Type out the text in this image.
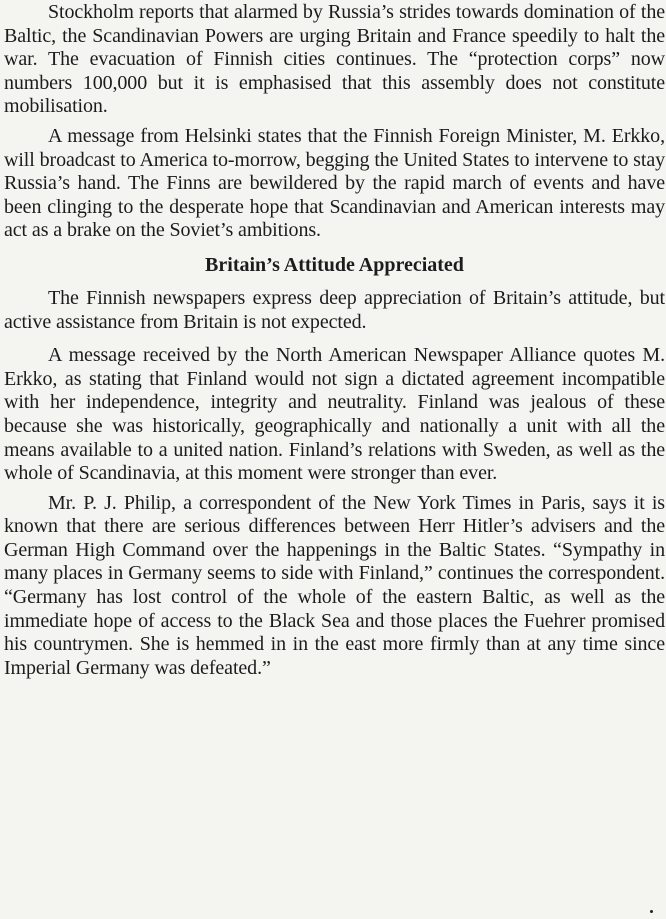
Stockholm reports that alarmed by Russia’s strides towards domination of the Baltic, the Scandinavian Powers are urging Britain and France speedily to halt the war. The evacuation of Finnish cities continues. The “protection corps” now numbers 100,000 but it is emphasised that this assembly does not constitute mobilisation.

A message from Helsinki states that the Finnish Foreign Minister, M. Erkko, will broadcast to America to-morrow, begging the United States to intervene to stay Russia’s hand. The Finns are bewildered by the rapid march of events and have been clinging to the desperate hope that Scandinavian and American interests may act as a brake on the Soviet’s ambitions.

Britain’s Attitude Appreciated

The Finnish newspapers express deep appreciation of Britain’s attitude, but active assistance from Britain is not expected.

A message received by the North American Newspaper Alliance quotes M. Erkko, as stating that Finland would not sign a dictated agreement incompatible with her independence, integrity and neutrality. Finland was jealous of these because she was historically, geographically and nationally a unit with all the means available to a united nation. Finland’s relations with Sweden, as well as the whole of Scandinavia, at this moment were stronger than ever.

Mr. P. J. Philip, a correspondent of the New York Times in Paris, says it is known that there are serious differences between Herr Hitler’s advisers and the German High Command over the happenings in the Baltic States. “Sympathy in many places in Germany seems to side with Finland,” continues the correspondent. “Germany has lost control of the whole of the eastern Baltic, as well as the immediate hope of access to the Black Sea and those places the Fuehrer promised his countrymen. She is hemmed in in the east more firmly than at any time since Imperial Germany was defeated.”
